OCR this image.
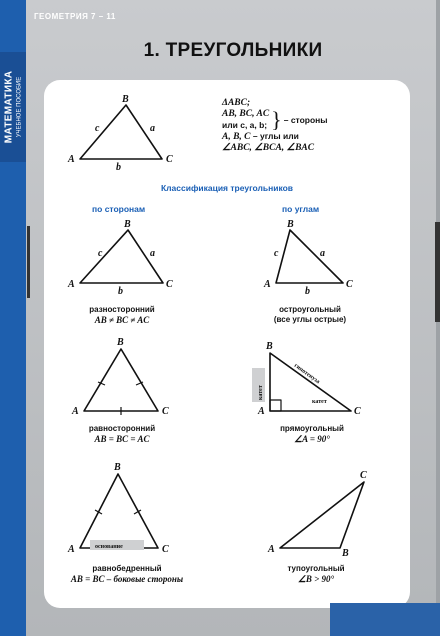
МАТЕМАТИКА УЧЕБНОЕ ПОСОБИЕ
ГЕОМЕТРИЯ 7 – 11
1. ТРЕУГОЛЬНИКИ
ΔABC;
AB, BC, AC
или c, a, b; } – стороны
A, B, C – углы или
∠ABC, ∠BCA, ∠BAC
Классификация треугольников
по сторонам	по углам
B
A	C
c	a
b
B
A	C
c	a
b
B
A	C
c	a
b
B
A	C
B
A	C
B
A	C	A	B
C
катет
катет
гипотенуза
основание
разносторонний
AB ≠ BC ≠ AC
остроугольный
(все углы острые)
равносторонний
AB = BC = AC
прямоугольный
∠A = 90°
равнобедренный
AB = BC – боковые стороны
тупоугольный
∠B > 90°
